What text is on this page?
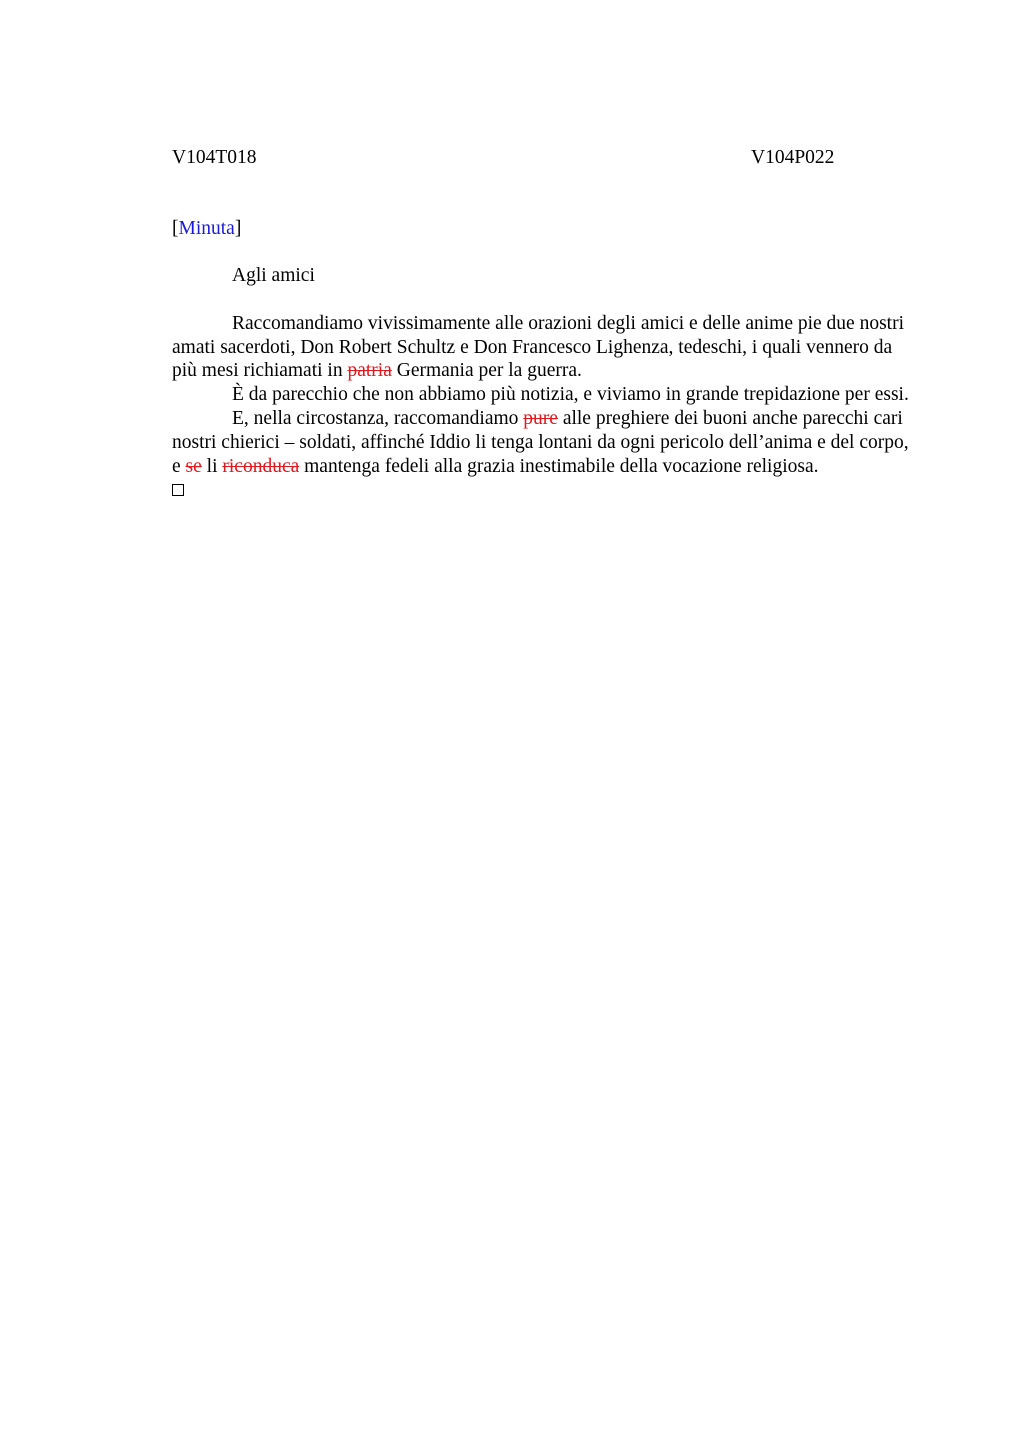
V104T018	V104P022
[Minuta]

Agli amici

Raccomandiamo vivissimamente alle orazioni degli amici e delle anime pie due nostri amati sacerdoti, Don Robert Schultz e Don Francesco Lighenza, tedeschi, i quali vennero da più mesi richiamati in patria Germania per la guerra.

È da parecchio che non abbiamo più notizia, e viviamo in grande trepidazione per essi.

E, nella circostanza, raccomandiamo pure alle preghiere dei buoni anche parecchi cari nostri chierici – soldati, affinché Iddio li tenga lontani da ogni pericolo dell’anima e del corpo, e se li riconduca mantenga fedeli alla grazia inestimabile della vocazione religiosa.
